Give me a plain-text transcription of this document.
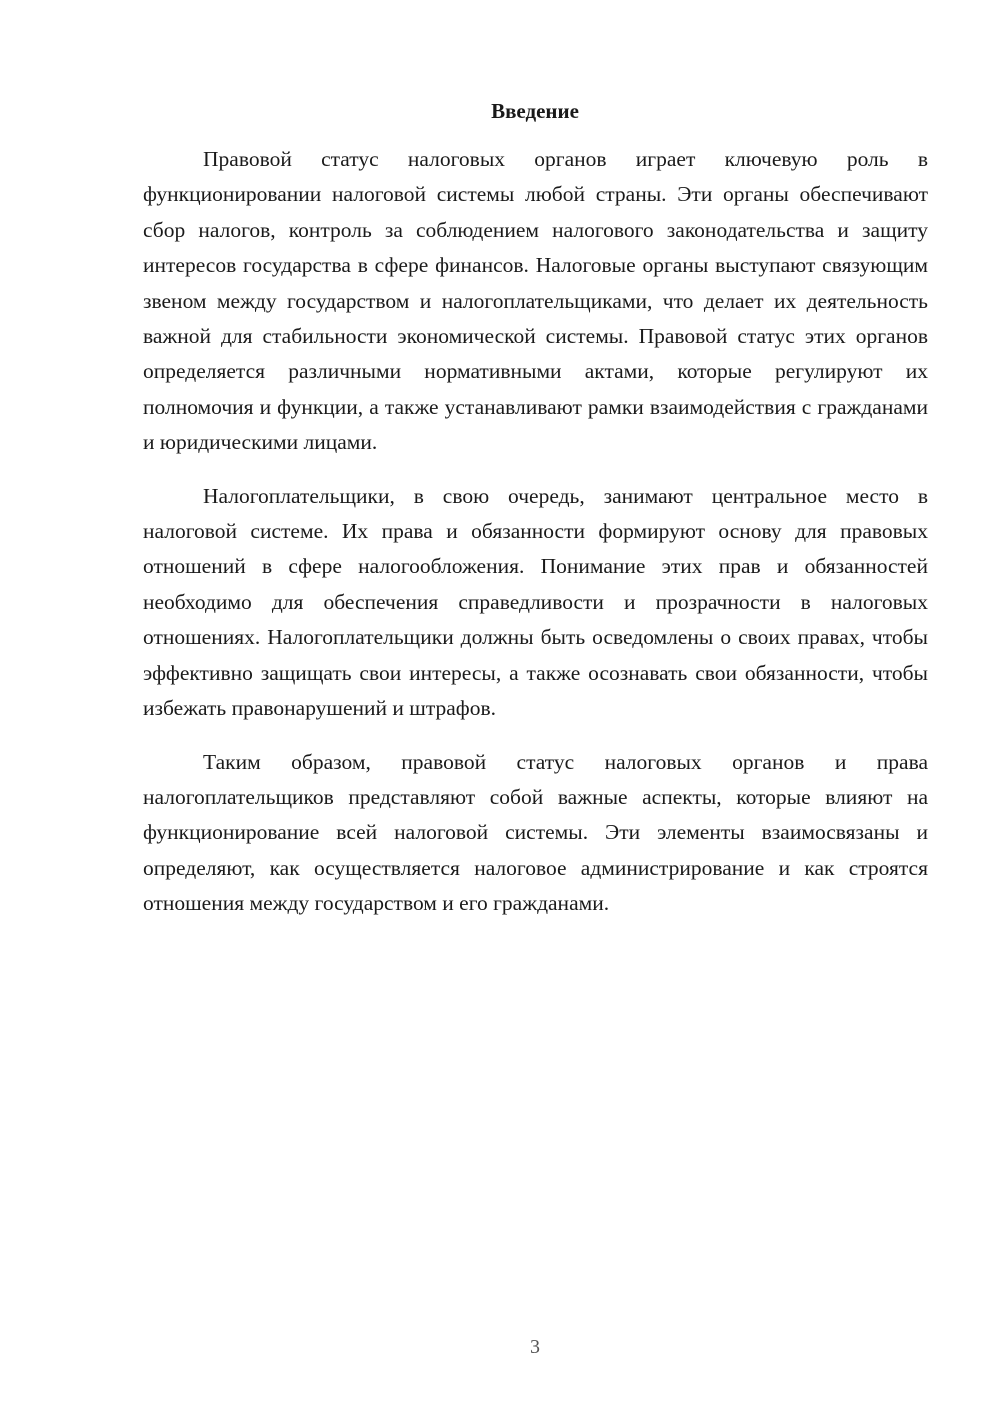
Введение

Правовой статус налоговых органов играет ключевую роль в функционировании налоговой системы любой страны. Эти органы обеспечивают сбор налогов, контроль за соблюдением налогового законодательства и защиту интересов государства в сфере финансов. Налоговые органы выступают связующим звеном между государством и налогоплательщиками, что делает их деятельность важной для стабильности экономической системы. Правовой статус этих органов определяется различными нормативными актами, которые регулируют их полномочия и функции, а также устанавливают рамки взаимодействия с гражданами и юридическими лицами.

Налогоплательщики, в свою очередь, занимают центральное место в налоговой системе. Их права и обязанности формируют основу для правовых отношений в сфере налогообложения. Понимание этих прав и обязанностей необходимо для обеспечения справедливости и прозрачности в налоговых отношениях. Налогоплательщики должны быть осведомлены о своих правах, чтобы эффективно защищать свои интересы, а также осознавать свои обязанности, чтобы избежать правонарушений и штрафов.

Таким образом, правовой статус налоговых органов и права налогоплательщиков представляют собой важные аспекты, которые влияют на функционирование всей налоговой системы. Эти элементы взаимосвязаны и определяют, как осуществляется налоговое администрирование и как строятся отношения между государством и его гражданами.

3
